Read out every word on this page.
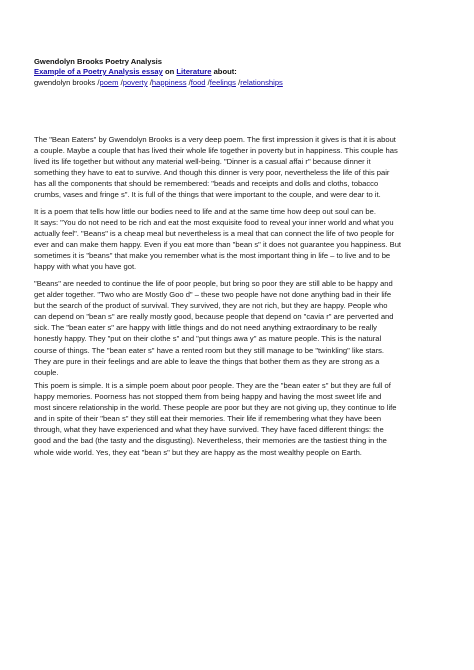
Gwendolyn Brooks Poetry Analysis
Example of a Poetry Analysis essay on Literature about:
gwendolyn brooks /poem /poverty /happiness /food /feelings /relationships

The "Bean Eaters" by Gwendolyn Brooks is a very deep poem. The first impression it gives is that it is about
a couple. Maybe a couple that has lived their whole life together in poverty but in happiness. This couple has
lived its life together but without any material well-being. "Dinner is a casual affai r" because dinner it
something they have to eat to survive. And though this dinner is very poor, nevertheless the life of this pair
has all the components that should be remembered: "beads and receipts and dolls and cloths, tobacco
crumbs, vases and fringe s". It is full of the things that were important to the couple, and were dear to it.

It is a poem that tells how little our bodies need to life and at the same time how deep out soul can be.
It says: "You do not need to be rich and eat the most exquisite food to reveal your inner world and what you
actually feel". "Beans" is a cheap meal but nevertheless is a meal that can connect the life of two people for
ever and can make them happy. Even if you eat more than "bean s" it does not guarantee you happiness. But
sometimes it is "beans" that make you remember what is the most important thing in life – to live and to be
happy with what you have got.

"Beans" are needed to continue the life of poor people, but bring so poor they are still able to be happy and
get alder together. "Two who are Mostly Goo d" – these two people have not done anything bad in their life
but the search of the product of survival. They survived, they are not rich, but they are happy. People who
can depend on "bean s" are really mostly good, because people that depend on "cavia r" are perverted and
sick. The "bean eater s" are happy with little things and do not need anything extraordinary to be really
honestly happy. They "put on their clothe s" and "put things awa y" as mature people. This is the natural
course of things. The "bean eater s" have a rented room but they still manage to be "twinkling" like stars.
They are pure in their feelings and are able to leave the things that bother them as they are strong as a
couple.

This poem is simple. It is a simple poem about poor people. They are the "bean eater s" but they are full of
happy memories. Poorness has not stopped them from being happy and having the most sweet life and
most sincere relationship in the world. These people are poor but they are not giving up, they continue to life
and in spite of their "bean s" they still eat their memories. Their life if remembering what they have been
through, what they have experienced and what they have survived. They have faced different things: the
good and the bad (the tasty and the disgusting). Nevertheless, their memories are the tastiest thing in the
whole wide world. Yes, they eat "bean s" but they are happy as the most wealthy people on Earth.
